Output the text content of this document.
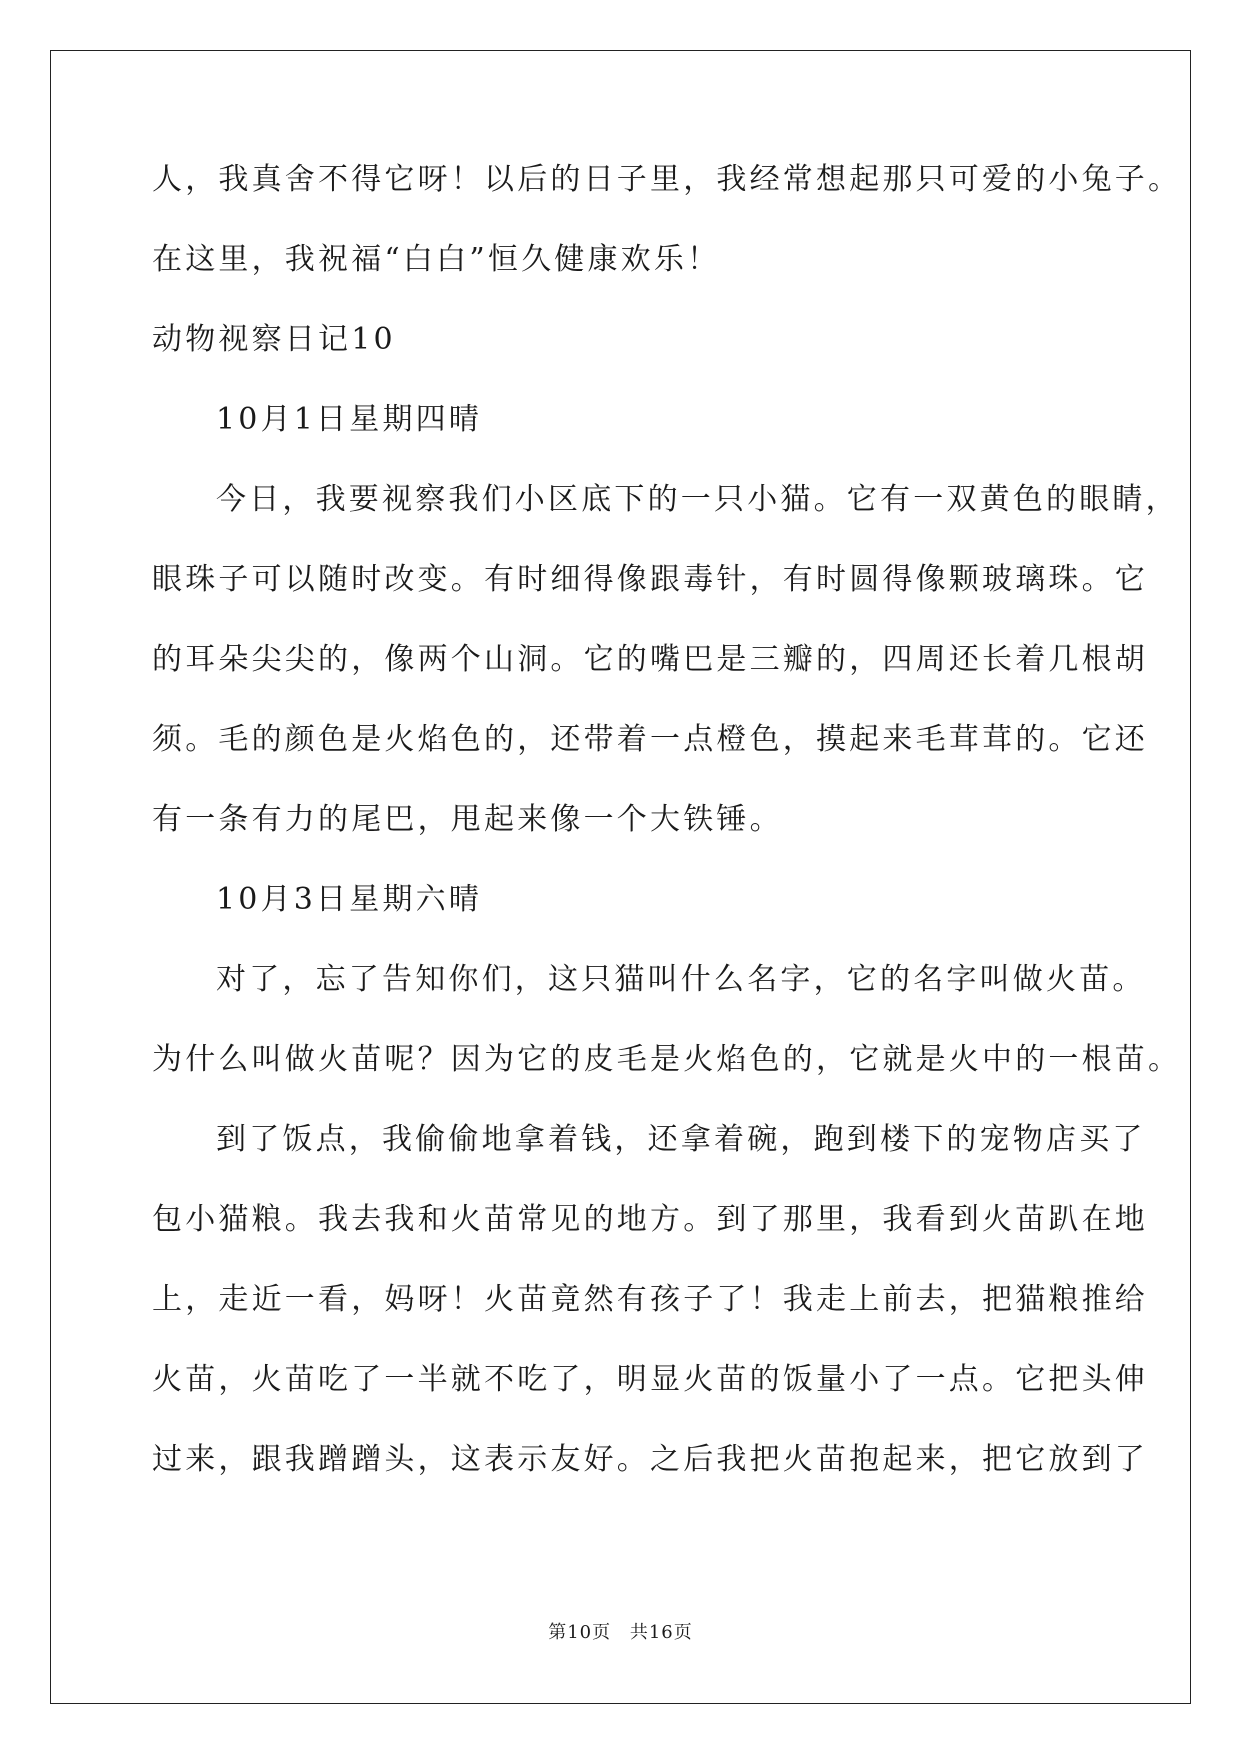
人，我真舍不得它呀！以后的日子里，我经常想起那只可爱的小兔子。
在这里，我祝福“白白”恒久健康欢乐！
动物视察日记10
10月1日星期四晴
今日，我要视察我们小区底下的一只小猫。它有一双黄色的眼睛，
眼珠子可以随时改变。有时细得像跟毒针，有时圆得像颗玻璃珠。它
的耳朵尖尖的，像两个山洞。它的嘴巴是三瓣的，四周还长着几根胡
须。毛的颜色是火焰色的，还带着一点橙色，摸起来毛茸茸的。它还
有一条有力的尾巴，甩起来像一个大铁锤。
10月3日星期六晴
对了，忘了告知你们，这只猫叫什么名字，它的名字叫做火苗。
为什么叫做火苗呢？因为它的皮毛是火焰色的，它就是火中的一根苗。
到了饭点，我偷偷地拿着钱，还拿着碗，跑到楼下的宠物店买了
包小猫粮。我去我和火苗常见的地方。到了那里，我看到火苗趴在地
上，走近一看，妈呀！火苗竟然有孩子了！我走上前去，把猫粮推给
火苗，火苗吃了一半就不吃了，明显火苗的饭量小了一点。它把头伸
过来，跟我蹭蹭头，这表示友好。之后我把火苗抱起来，把它放到了
第10页 共16页
